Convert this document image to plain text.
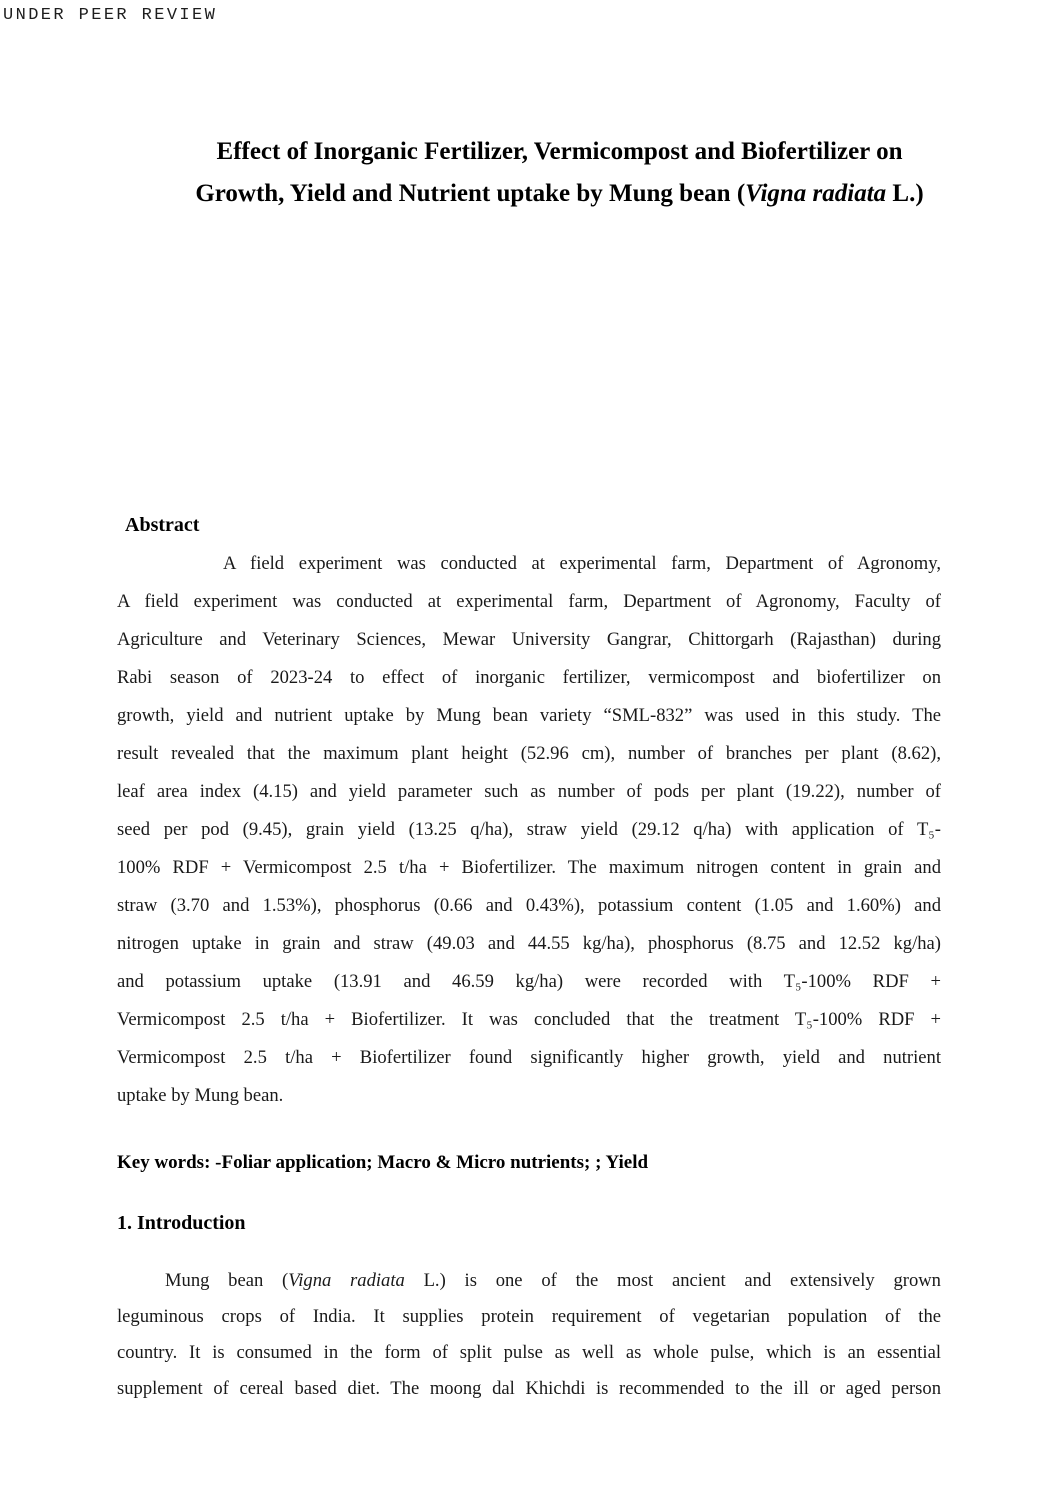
UNDER PEER REVIEW
Effect of Inorganic Fertilizer, Vermicompost and Biofertilizer on
Growth, Yield and Nutrient uptake by Mung bean (Vigna radiata L.)
Abstract
A field experiment was conducted at experimental farm, Department of Agronomy,
A field experiment was conducted at experimental farm, Department of Agronomy, Faculty of
Agriculture and Veterinary Sciences, Mewar University Gangrar, Chittorgarh (Rajasthan) during
Rabi season of 2023-24 to effect of inorganic fertilizer, vermicompost and biofertilizer on
growth, yield and nutrient uptake by Mung bean variety “SML-832” was used in this study. The
result revealed that the maximum plant height (52.96 cm), number of branches per plant (8.62),
leaf area index (4.15) and yield parameter such as number of pods per plant (19.22), number of
seed per pod (9.45), grain yield (13.25 q/ha), straw yield (29.12 q/ha) with application of T₅-
100% RDF + Vermicompost 2.5 t/ha + Biofertilizer. The maximum nitrogen content in grain and
straw (3.70 and 1.53%), phosphorus (0.66 and 0.43%), potassium content (1.05 and 1.60%) and
nitrogen uptake in grain and straw (49.03 and 44.55 kg/ha), phosphorus (8.75 and 12.52 kg/ha)
and potassium uptake (13.91 and 46.59 kg/ha) were recorded with T₅-100% RDF +
Vermicompost 2.5 t/ha + Biofertilizer. It was concluded that the treatment T₅-100% RDF +
Vermicompost 2.5 t/ha + Biofertilizer found significantly higher growth, yield and nutrient
uptake by Mung bean.
Key words: -Foliar application; Macro & Micro nutrients; ; Yield
1. Introduction
Mung bean (Vigna radiata L.) is one of the most ancient and extensively grown
leguminous crops of India. It supplies protein requirement of vegetarian population of the
country. It is consumed in the form of split pulse as well as whole pulse, which is an essential
supplement of cereal based diet. The moong dal Khichdi is recommended to the ill or aged person
